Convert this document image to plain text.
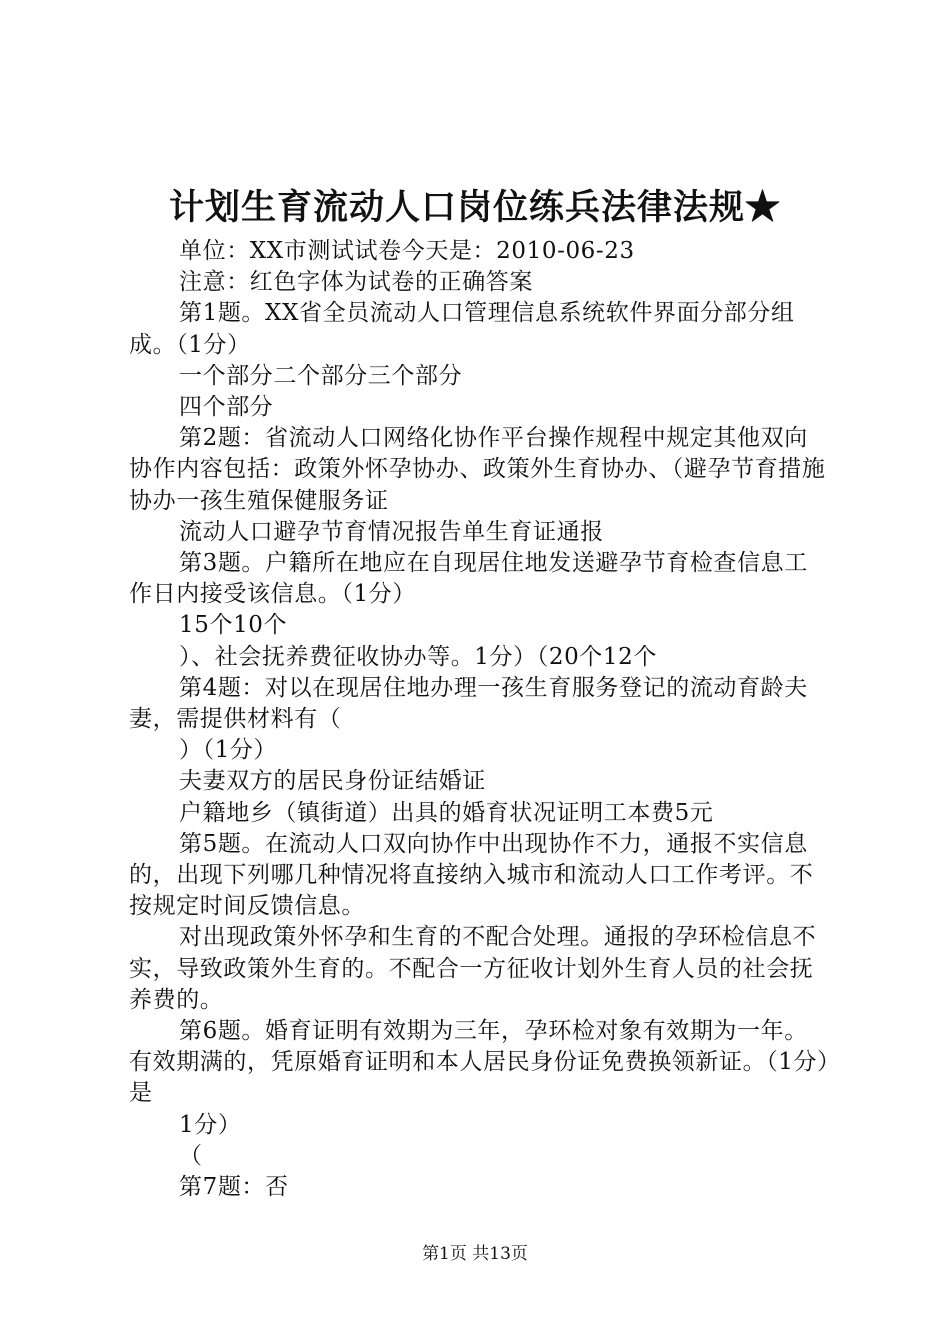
计划生育流动人口岗位练兵法律法规★

单位：XX市测试试卷今天是：2010-06-23

注意：红色字体为试卷的正确答案

第1题。XX省全员流动人口管理信息系统软件界面分部分组成。（1分）

一个部分二个部分三个部分

四个部分

第2题：省流动人口网络化协作平台操作规程中规定其他双向协作内容包括：政策外怀孕协办、政策外生育协办、（避孕节育措施协办一孩生殖保健服务证

流动人口避孕节育情况报告单生育证通报

第3题。户籍所在地应在自现居住地发送避孕节育检查信息工作日内接受该信息。（1分）

15个10个

）、社会抚养费征收协办等。1分）（20个12个

第4题：对以在现居住地办理一孩生育服务登记的流动育龄夫妻，需提供材料有（

）（1分）

夫妻双方的居民身份证结婚证

户籍地乡（镇街道）出具的婚育状况证明工本费5元

第5题。在流动人口双向协作中出现协作不力，通报不实信息的，出现下列哪几种情况将直接纳入城市和流动人口工作考评。不按规定时间反馈信息。

对出现政策外怀孕和生育的不配合处理。通报的孕环检信息不实，导致政策外生育的。不配合一方征收计划外生育人员的社会抚养费的。

第6题。婚育证明有效期为三年，孕环检对象有效期为一年。有效期满的，凭原婚育证明和本人居民身份证免费换领新证。（1分）是

1分）

（

第7题：否

第1页 共13页
